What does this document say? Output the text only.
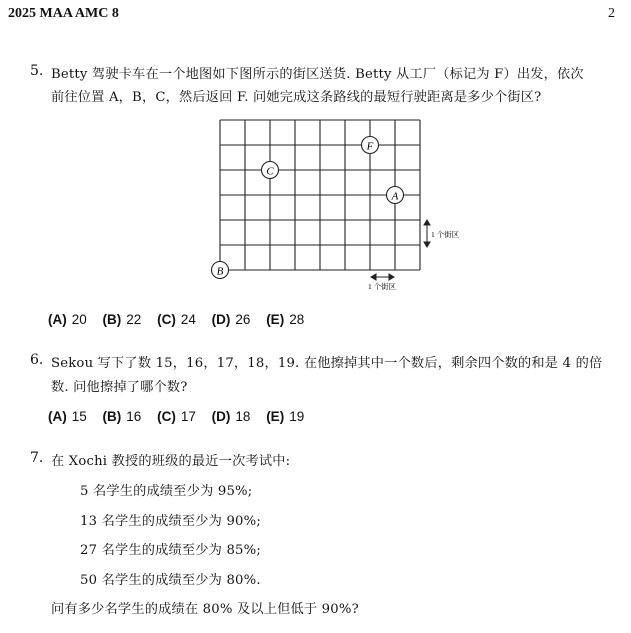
2025 MAA AMC 8	2
5. Betty 驾驶卡车在一个地图如下图所示的街区送货. Betty 从工厂（标记为 F）出发，依次
前往位置 A，B，C，然后返回 F. 问她完成这条路线的最短行驶距离是多少个街区?
F
C
A
B
1 个街区
1 个街区
(A) 20 (B) 22 (C) 24 (D) 26 (E) 28
6. Sekou 写下了数 15，16，17，18，19. 在他擦掉其中一个数后，剩余四个数的和是 4 的倍
数. 问他擦掉了哪个数?
(A) 15 (B) 16 (C) 17 (D) 18 (E) 19
7. 在 Xochi 教授的班级的最近一次考试中:
5 名学生的成绩至少为 95%;
13 名学生的成绩至少为 90%;
27 名学生的成绩至少为 85%;
50 名学生的成绩至少为 80%.
问有多少名学生的成绩在 80% 及以上但低于 90%?
